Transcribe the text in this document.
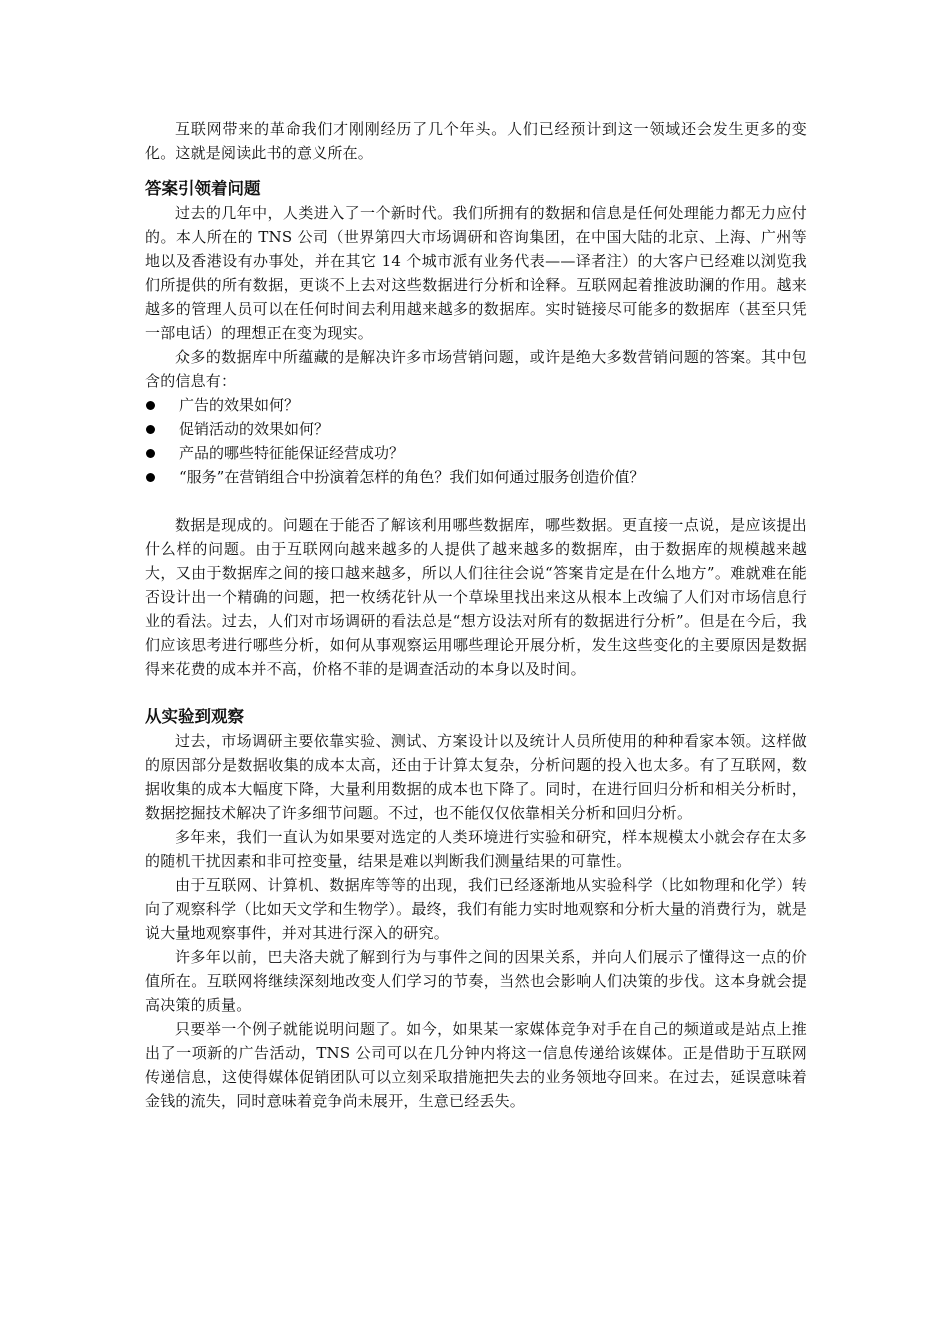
互联网带来的革命我们才刚刚经历了几个年头。人们已经预计到这一领域还会发生更多的变化。这就是阅读此书的意义所在。

答案引领着问题

过去的几年中，人类进入了一个新时代。我们所拥有的数据和信息是任何处理能力都无力应付的。本人所在的 TNS 公司（世界第四大市场调研和咨询集团，在中国大陆的北京、上海、广州等地以及香港设有办事处，并在其它 14 个城市派有业务代表——译者注）的大客户已经难以浏览我们所提供的所有数据，更谈不上去对这些数据进行分析和诠释。互联网起着推波助澜的作用。越来越多的管理人员可以在任何时间去利用越来越多的数据库。实时链接尽可能多的数据库（甚至只凭一部电话）的理想正在变为现实。

众多的数据库中所蕴藏的是解决许多市场营销问题，或许是绝大多数营销问题的答案。其中包含的信息有：

广告的效果如何？
促销活动的效果如何？
产品的哪些特征能保证经营成功？
“服务”在营销组合中扮演着怎样的角色？我们如何通过服务创造价值？

数据是现成的。问题在于能否了解该利用哪些数据库，哪些数据。更直接一点说，是应该提出什么样的问题。由于互联网向越来越多的人提供了越来越多的数据库，由于数据库的规模越来越大，又由于数据库之间的接口越来越多，所以人们往往会说“答案肯定是在什么地方”。难就难在能否设计出一个精确的问题，把一枚绣花针从一个草垛里找出来这从根本上改编了人们对市场信息行业的看法。过去，人们对市场调研的看法总是“想方设法对所有的数据进行分析”。但是在今后，我们应该思考进行哪些分析，如何从事观察运用哪些理论开展分析，发生这些变化的主要原因是数据得来花费的成本并不高，价格不菲的是调查活动的本身以及时间。

从实验到观察

过去，市场调研主要依靠实验、测试、方案设计以及统计人员所使用的种种看家本领。这样做的原因部分是数据收集的成本太高，还由于计算太复杂，分析问题的投入也太多。有了互联网，数据收集的成本大幅度下降，大量利用数据的成本也下降了。同时，在进行回归分析和相关分析时，数据挖掘技术解决了许多细节问题。不过，也不能仅仅依靠相关分析和回归分析。

多年来，我们一直认为如果要对选定的人类环境进行实验和研究，样本规模太小就会存在太多的随机干扰因素和非可控变量，结果是难以判断我们测量结果的可靠性。

由于互联网、计算机、数据库等等的出现，我们已经逐渐地从实验科学（比如物理和化学）转向了观察科学（比如天文学和生物学）。最终，我们有能力实时地观察和分析大量的消费行为，就是说大量地观察事件，并对其进行深入的研究。

许多年以前，巴夫洛夫就了解到行为与事件之间的因果关系，并向人们展示了懂得这一点的价值所在。互联网将继续深刻地改变人们学习的节奏，当然也会影响人们决策的步伐。这本身就会提高决策的质量。

只要举一个例子就能说明问题了。如今，如果某一家媒体竞争对手在自己的频道或是站点上推出了一项新的广告活动，TNS 公司可以在几分钟内将这一信息传递给该媒体。正是借助于互联网传递信息，这使得媒体促销团队可以立刻采取措施把失去的业务领地夺回来。在过去，延误意味着金钱的流失，同时意味着竞争尚未展开，生意已经丢失。
